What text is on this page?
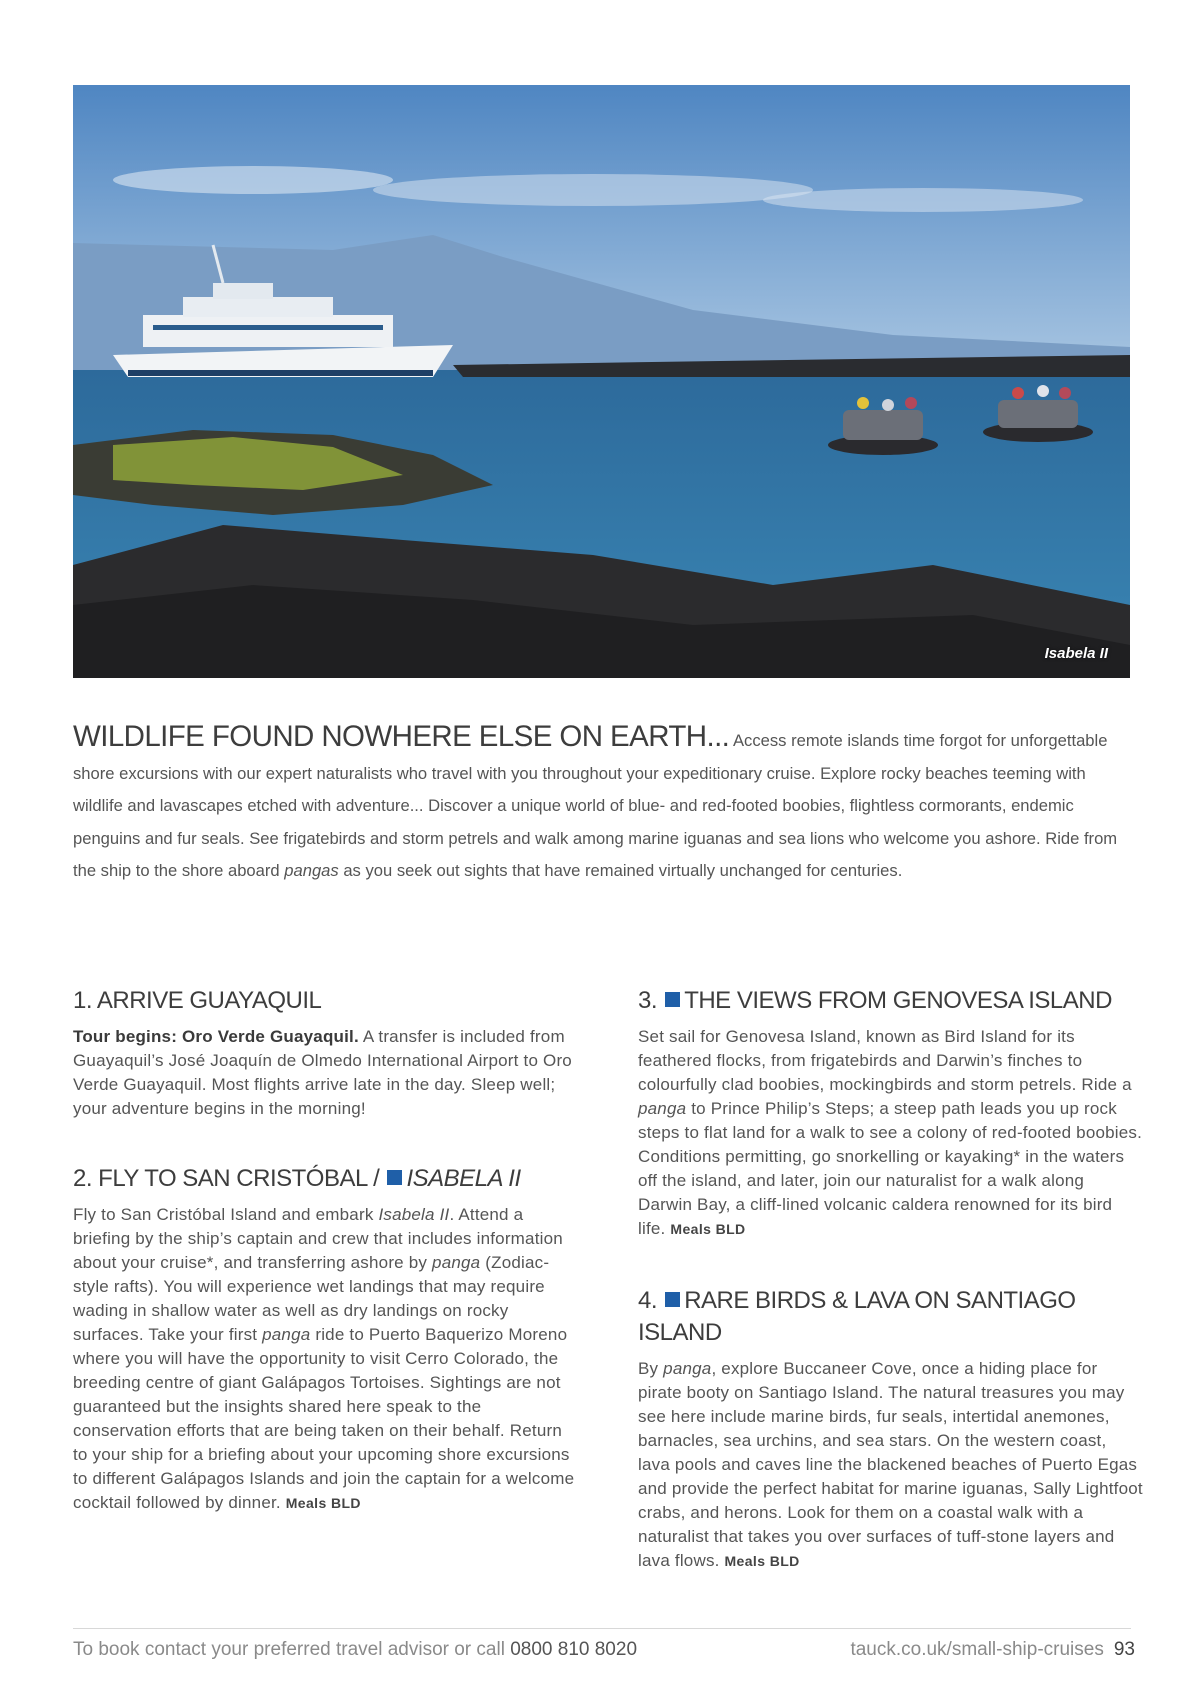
Isabela II
WILDLIFE FOUND NOWHERE ELSE ON EARTH... Access remote islands time forgot for unforgettable shore excursions with our expert naturalists who travel with you throughout your expeditionary cruise. Explore rocky beaches teeming with wildlife and lavascapes etched with adventure... Discover a unique world of blue- and red-footed boobies, flightless cormorants, endemic penguins and fur seals. See frigatebirds and storm petrels and walk among marine iguanas and sea lions who welcome you ashore. Ride from the ship to the shore aboard pangas as you seek out sights that have remained virtually unchanged for centuries.
1. ARRIVE GUAYAQUIL

Tour begins: Oro Verde Guayaquil. A transfer is included from Guayaquil’s José Joaquín de Olmedo International Airport to Oro Verde Guayaquil. Most flights arrive late in the day. Sleep well; your adventure begins in the morning!

2. FLY TO SAN CRISTÓBAL / ISABELA II

Fly to San Cristóbal Island and embark Isabela II. Attend a briefing by the ship’s captain and crew that includes information about your cruise*, and transferring ashore by panga (Zodiac-style rafts). You will experience wet landings that may require wading in shallow water as well as dry landings on rocky surfaces. Take your first panga ride to Puerto Baquerizo Moreno where you will have the opportunity to visit Cerro Colorado, the breeding centre of giant Galápagos Tortoises. Sightings are not guaranteed but the insights shared here speak to the conservation efforts that are being taken on their behalf. Return to your ship for a briefing about your upcoming shore excursions to different Galápagos Islands and join the captain for a welcome cocktail followed by dinner. Meals BLD

3. THE VIEWS FROM GENOVESA ISLAND

Set sail for Genovesa Island, known as Bird Island for its feathered flocks, from frigatebirds and Darwin’s finches to colourfully clad boobies, mockingbirds and storm petrels. Ride a panga to Prince Philip’s Steps; a steep path leads you up rock steps to flat land for a walk to see a colony of red-footed boobies. Conditions permitting, go snorkelling or kayaking* in the waters off the island, and later, join our naturalist for a walk along Darwin Bay, a cliff-lined volcanic caldera renowned for its bird life. Meals BLD

4. RARE BIRDS & LAVA ON SANTIAGO ISLAND

By panga, explore Buccaneer Cove, once a hiding place for pirate booty on Santiago Island. The natural treasures you may see here include marine birds, fur seals, intertidal anemones, barnacles, sea urchins, and sea stars. On the western coast, lava pools and caves line the blackened beaches of Puerto Egas and provide the perfect habitat for marine iguanas, Sally Lightfoot crabs, and herons. Look for them on a coastal walk with a naturalist that takes you over surfaces of tuff-stone layers and lava flows. Meals BLD

To book contact your preferred travel advisor or call 0800 810 8020	tauck.co.uk/small-ship-cruises 93
